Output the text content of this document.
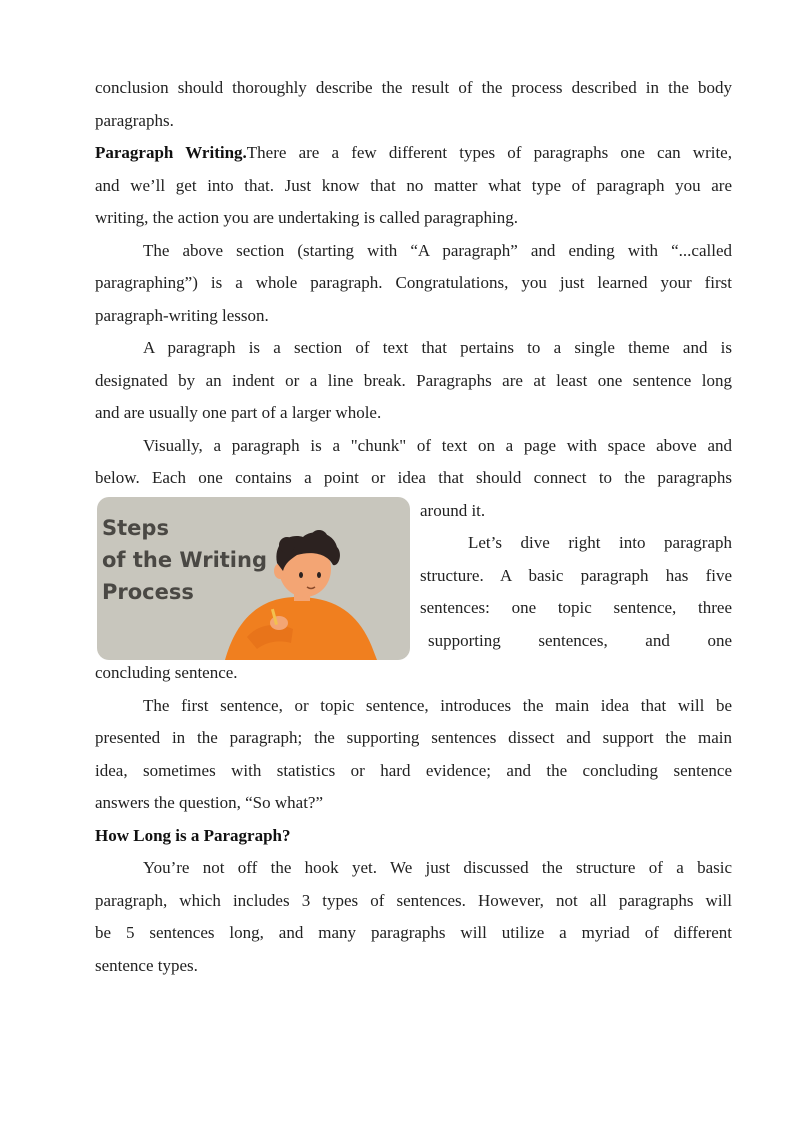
Steps
of the Writing
Process
conclusion should thoroughly describe the result of the process described in the body
paragraphs.
Paragraph Writing.There are a few different types of paragraphs one can write,
and we’ll get into that. Just know that no matter what type of paragraph you are
writing, the action you are undertaking is called paragraphing.
The above section (starting with “A paragraph” and ending with “...called
paragraphing”) is a whole paragraph. Congratulations, you just learned your first
paragraph-writing lesson.
A paragraph is a section of text that pertains to a single theme and is
designated by an indent or a line break. Paragraphs are at least one sentence long
and are usually one part of a larger whole.
Visually, a paragraph is a "chunk" of text on a page with space above and
below. Each one contains a point or idea that should connect to the paragraphs
around it.
Let’s dive right into paragraph
structure. A basic paragraph has five
sentences: one topic sentence, three
supporting sentences, and one
concluding sentence.
The first sentence, or topic sentence, introduces the main idea that will be
presented in the paragraph; the supporting sentences dissect and support the main
idea, sometimes with statistics or hard evidence; and the concluding sentence
answers the question, “So what?”
How Long is a Paragraph?
You’re not off the hook yet. We just discussed the structure of a basic
paragraph, which includes 3 types of sentences. However, not all paragraphs will
be 5 sentences long, and many paragraphs will utilize a myriad of different
sentence types.
